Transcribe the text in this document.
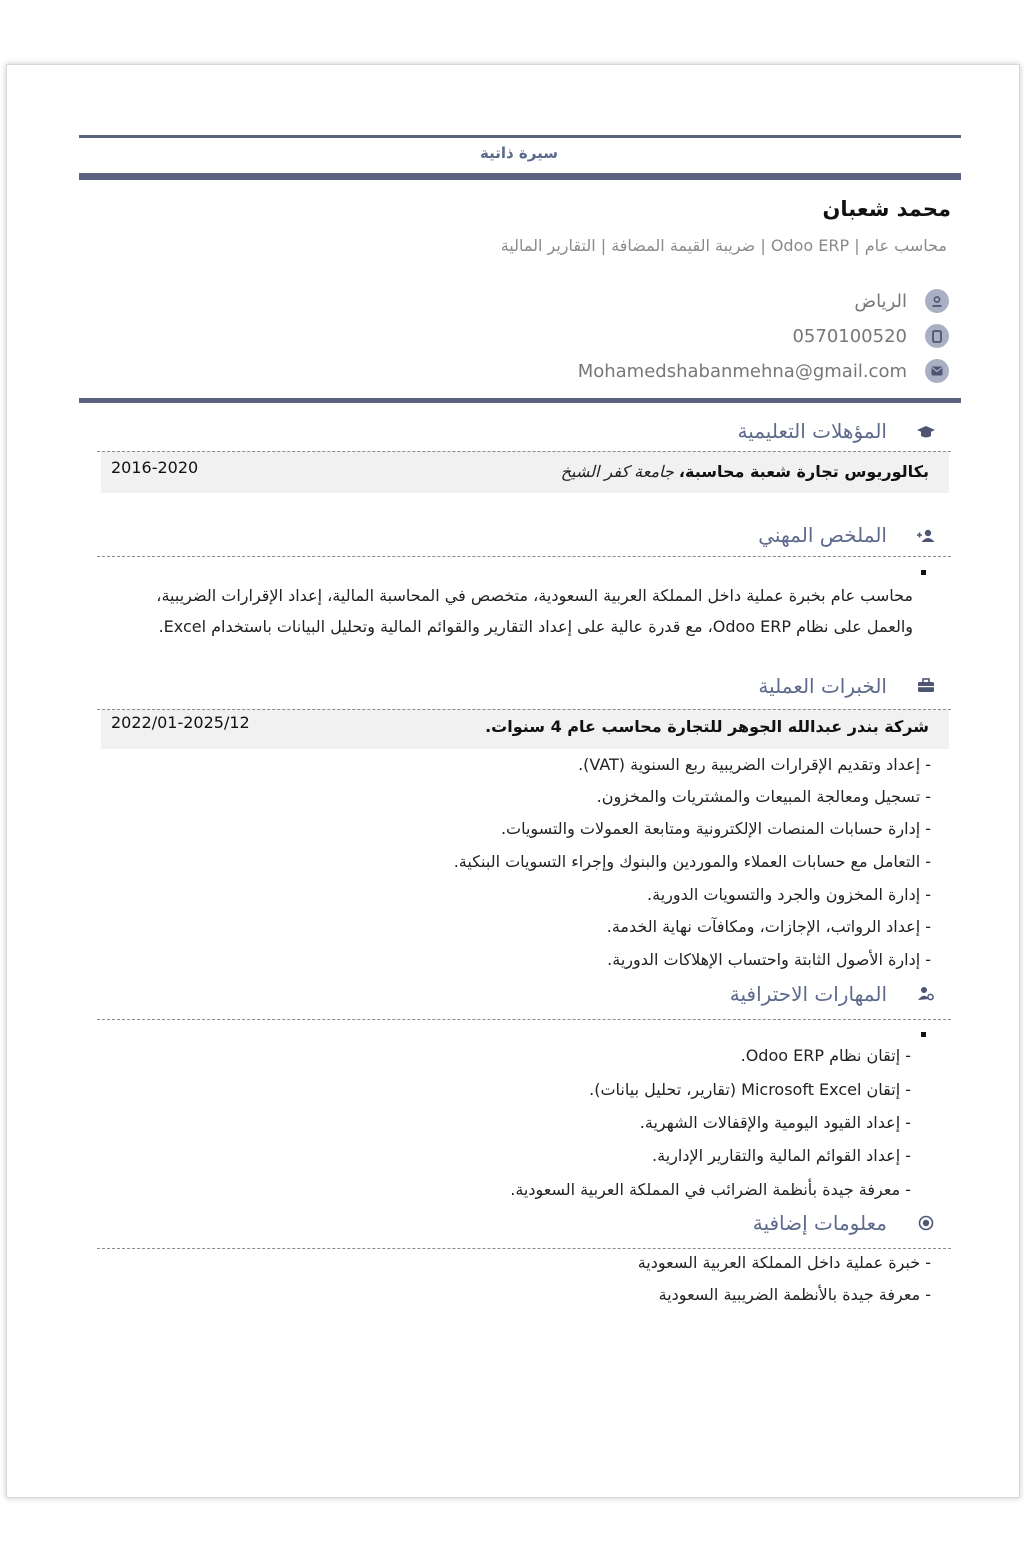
سيرة ذاتية
محمد شعبان
محاسب عام | Odoo ERP | ضريبة القيمة المضافة | التقارير المالية
الرياض
0570100520
Mohamedshabanmehna@gmail.com
المؤهلات التعليمية
بكالوريوس تجارة شعبة محاسبة، جامعة كفر الشيخ
2016-2020
الملخص المهني
محاسب عام بخبرة عملية داخل المملكة العربية السعودية، متخصص في المحاسبة المالية، إعداد الإقرارات الضريبية، والعمل على نظام Odoo ERP، مع قدرة عالية على إعداد التقارير والقوائم المالية وتحليل البيانات باستخدام Excel.
الخبرات العملية
شركة بندر عبدالله الجوهر للتجارة محاسب عام 4 سنوات.
2022/01-2025/12
- إعداد وتقديم الإقرارات الضريبية ربع السنوية (VAT).
- تسجيل ومعالجة المبيعات والمشتريات والمخزون.
- إدارة حسابات المنصات الإلكترونية ومتابعة العمولات والتسويات.
- التعامل مع حسابات العملاء والموردين والبنوك وإجراء التسويات البنكية.
- إدارة المخزون والجرد والتسويات الدورية.
- إعداد الرواتب، الإجازات، ومكافآت نهاية الخدمة.
- إدارة الأصول الثابتة واحتساب الإهلاكات الدورية.
المهارات الاحترافية
- إتقان نظام Odoo ERP.
- إتقان Microsoft Excel (تقارير، تحليل بيانات).
- إعداد القيود اليومية والإقفالات الشهرية.
- إعداد القوائم المالية والتقارير الإدارية.
- معرفة جيدة بأنظمة الضرائب في المملكة العربية السعودية.
معلومات إضافية
- خبرة عملية داخل المملكة العربية السعودية
- معرفة جيدة بالأنظمة الضريبية السعودية
